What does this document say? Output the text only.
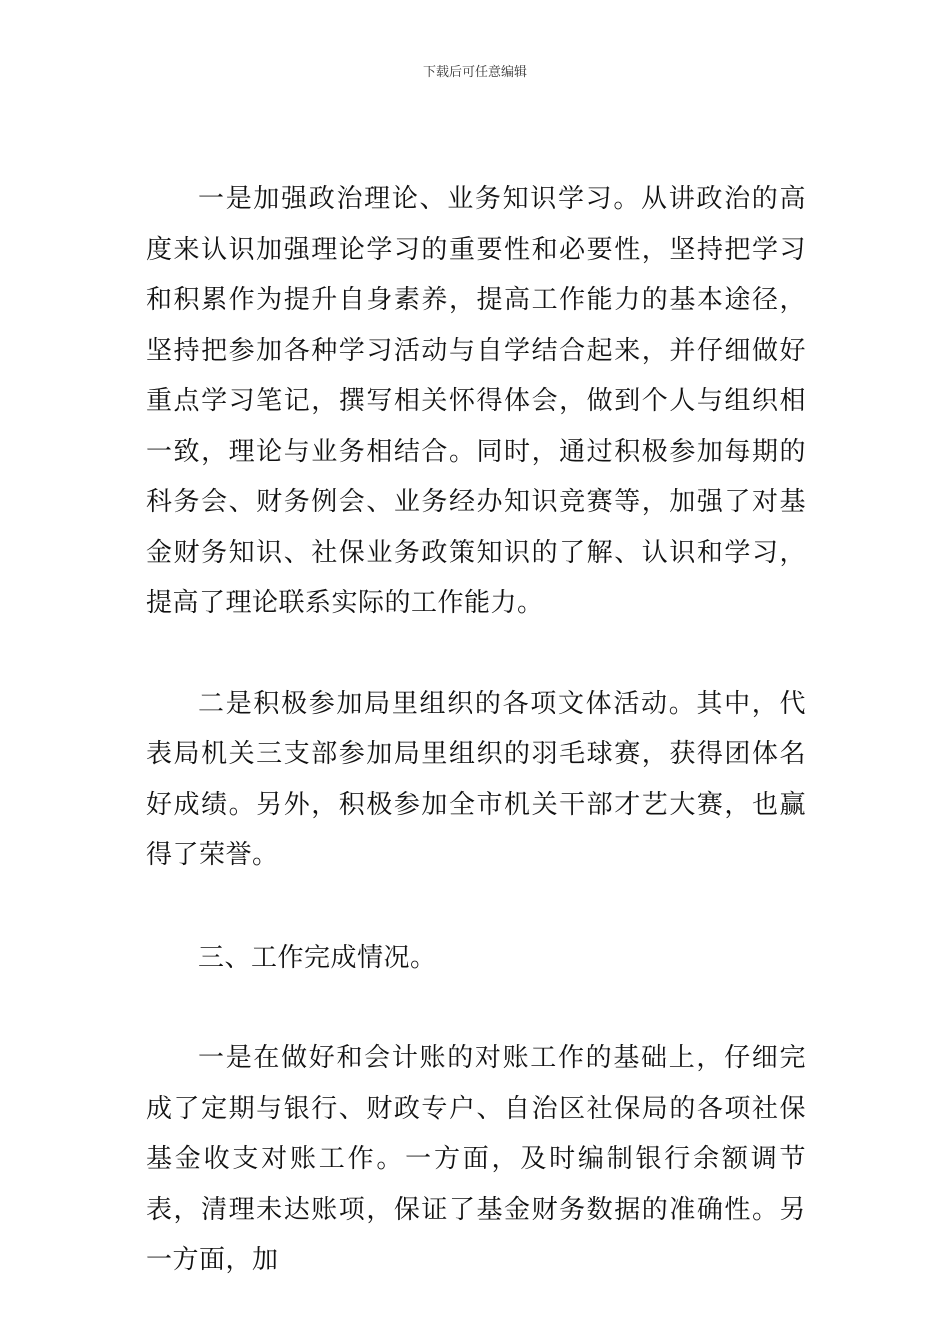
下载后可任意编辑

一是加强政治理论、业务知识学习。从讲政治的高度来认识加强理论学习的重要性和必要性，坚持把学习和积累作为提升自身素养，提高工作能力的基本途径，坚持把参加各种学习活动与自学结合起来，并仔细做好重点学习笔记，撰写相关怀得体会，做到个人与组织相一致，理论与业务相结合。同时，通过积极参加每期的科务会、财务例会、业务经办知识竞赛等，加强了对基金财务知识、社保业务政策知识的了解、认识和学习，提高了理论联系实际的工作能力。

二是积极参加局里组织的各项文体活动。其中，代表局机关三支部参加局里组织的羽毛球赛，获得团体名好成绩。另外，积极参加全市机关干部才艺大赛，也赢得了荣誉。

三、工作完成情况。

一是在做好和会计账的对账工作的基础上，仔细完成了定期与银行、财政专户、自治区社保局的各项社保基金收支对账工作。一方面，及时编制银行余额调节表，清理未达账项，保证了基金财务数据的准确性。另一方面，加
